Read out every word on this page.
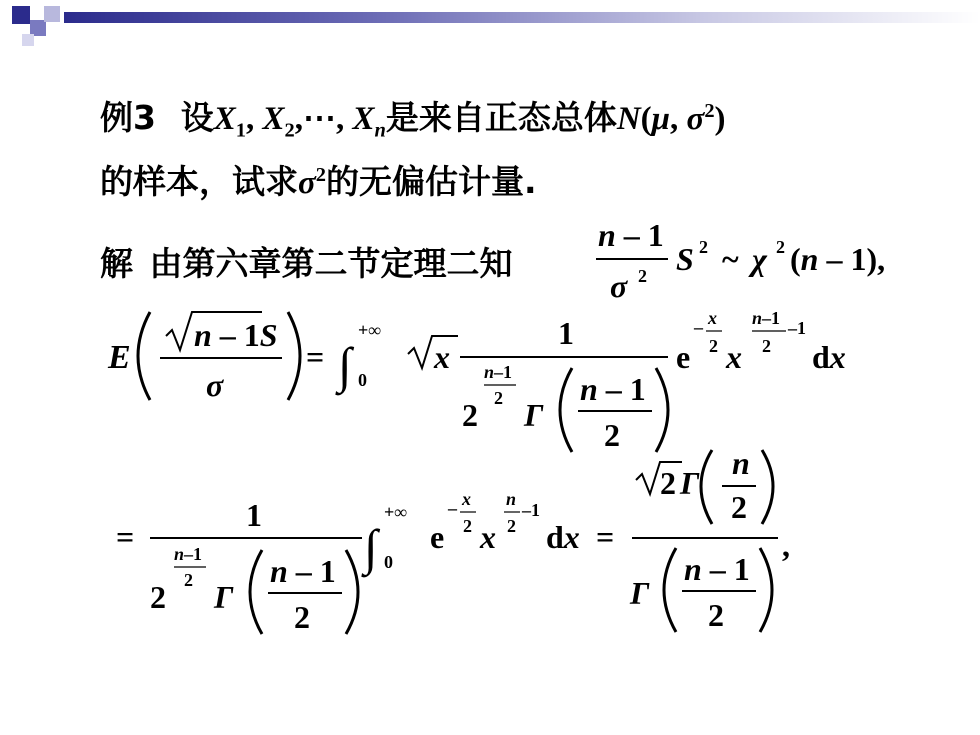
例3 设$X_1$, $X_2,\cdots$, $X_n$是来自正态总体N(μ, $\sigma^2$)
的样本，试求$\sigma^2$的无偏估计量.
解 由第六章第二节定理二知
n – 1
σ 2 S 2 ~ χ 2 (n – 1),
E
n – 1S
σ
= ∫
+∞
0
x
1
n–1
2
2 Γ
n – 1
2
e
– x
2 x
n–1
2
–1
dx
=
1
n–1
2
2 Γ
n – 1
2
∫
+∞
0
e
– x
2 x
n
2
–1
dx =
2 Γ
n
2
,
Γ
n – 1
2
